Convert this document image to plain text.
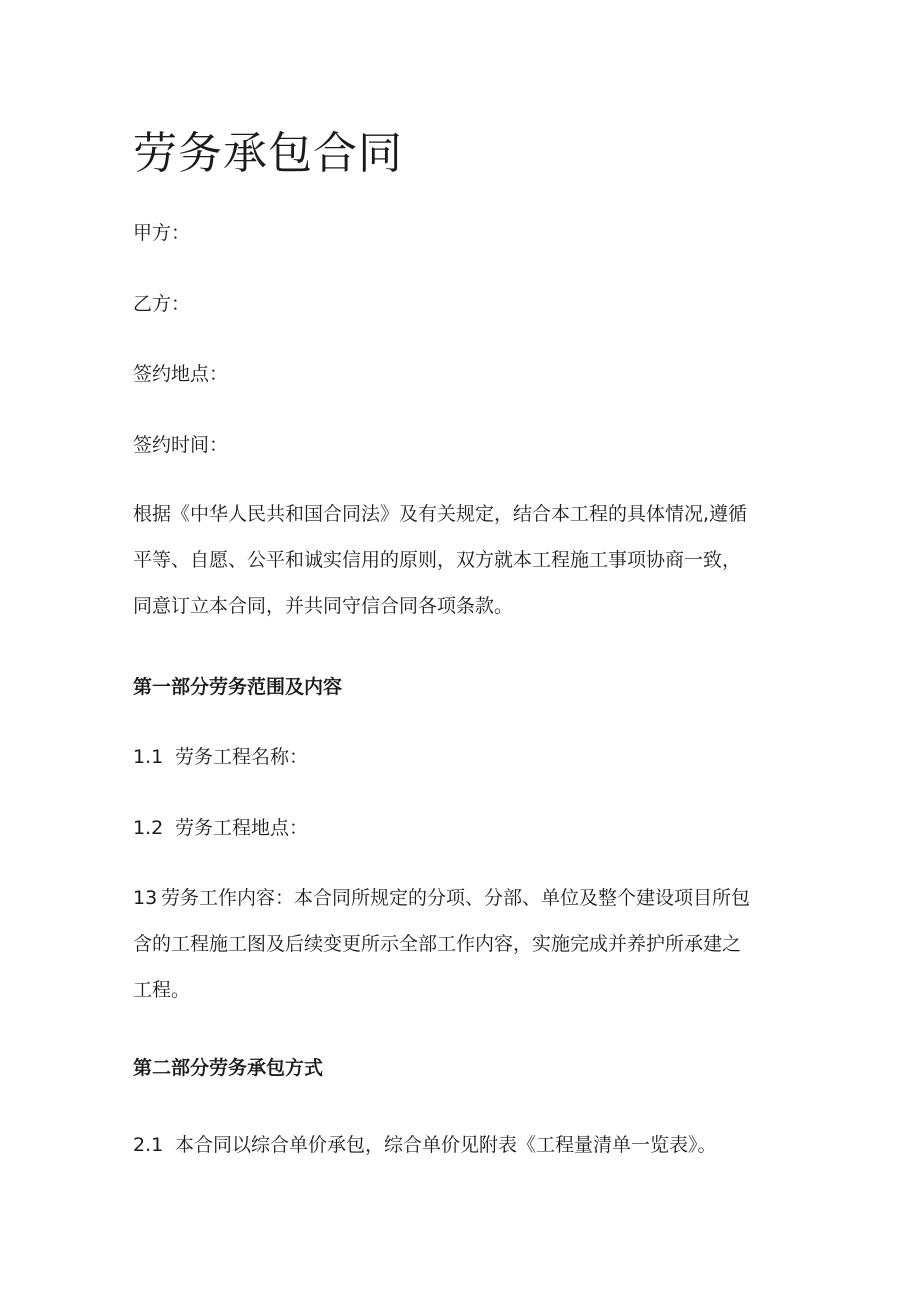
劳务承包合同

甲方：

乙方：

签约地点：

签约时间：

根据《中华人民共和国合同法》及有关规定，结合本工程的具体情况,遵循
平等、自愿、公平和诚实信用的原则，双方就本工程施工事项协商一致，
同意订立本合同，并共同守信合同各项条款。

第一部分劳务范围及内容

1.1 劳务工程名称：

1.2 劳务工程地点：

13 劳务工作内容：本合同所规定的分项、分部、单位及整个建设项目所包
含的工程施工图及后续变更所示全部工作内容，实施完成并养护所承建之
工程。

第二部分劳务承包方式

2.1 本合同以综合单价承包，综合单价见附表《工程量清单一览表》。
